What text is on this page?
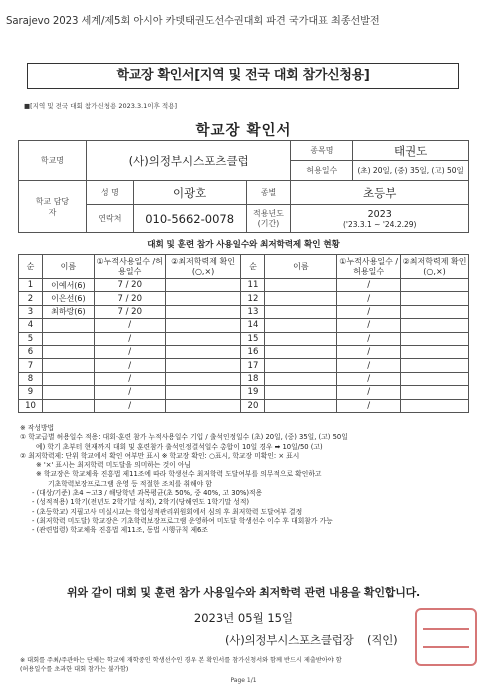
Sarajevo 2023 세계/제5회 아시아 카뎃태권도선수권대회 파견 국가대표 최종선발전
학교장 확인서[지역 및 전국 대회 참가신청용]
■[지역 및 전국 대회 참가신청용 2023.3.1이후 적용]
학교장 확인서
학교명	(사)의정부시스포츠클럽			종목명	태권도
				허용일수	(초) 20일, (중) 35일, (고) 50일
학교 담당자	성 명	이광호	종별	초등부	
	연락처	010-5662-0078	적용년도 (기간)	2023
('23.3.1 ~ '24.2.29)	
대회 및 훈련 참가 사용일수와 최저학력제 확인 현황
순	이름	①누적사용일수 /허용일수	②최저학력제 확인(○,×)	순	이름	①누적사용일수 /허용일수	②최저학력제 확인(○,×)
1	이예서(6)	7 / 20		11		/	
2	이은선(6)	7 / 20		12		/	
3	최하랑(6)	7 / 20		13		/	
4		/		14		/	
5		/		15		/	
6		/		16		/	
7		/		17		/	
8		/		18		/	
9		/		19		/	
10		/		20		/	
※ 작성방법
① 학교급별 허용일수 적용: 대회·훈련 참가 누적사용일수 기입 / 출석인정일수 (초) 20일, (중) 35일, (고) 50일
예) 학기 초부터 현재까지 대회 및 훈련참가 출석인정결석일수 총합이 10일 경우 ➡ 10일/50 (고)
② 최저학력제: 단위 학교에서 확인 여부만 표시 ※ 학교장 확인: ○표시, 학교장 미확인: × 표시
※ '×' 표시는 최저학력 미도달을 의미하는 것이 아님
※ 학교장은 학교체육 진흥법 제11조에 따라 학생선수 최저학력 도달여부를 의무적으로 확인하고
기초학력보장프로그램 운영 등 적절한 조치를 취해야 함
- (대상/기준) 초4 ~고3 / 해당학년 과목평균(초 50%, 중 40%, 고 30%)적용
- (성적적용) 1학기(전년도 2학기말 성적), 2학기(당해연도 1학기말 성적)
- (초등학교) 지필고사 미실시교는 학업성적관리위원회에서 심의 후 최저학력 도달여부 결정
- (최저학력 미도달) 학교장은 기초학력보장프로그램 운영하여 미도달 학생선수 이수 후 대회참가 가능
- (관련법령) 학교체육 진흥법 제11조, 동법 시행규칙 제6조
위와 같이 대회 및 훈련 참가 사용일수와 최저학력 관련 내용을 확인합니다.
2023년 05월 15일
(사)의정부시스포츠클럽장 (직인)
※ 대회를 주최/주관하는 단체는 학교에 재학중인 학생선수인 경우 본 확인서를 참가신청서와 함께 반드시 제출받아야 함
(허용일수를 초과한 대회 참가는 불가함)
Page 1/1
